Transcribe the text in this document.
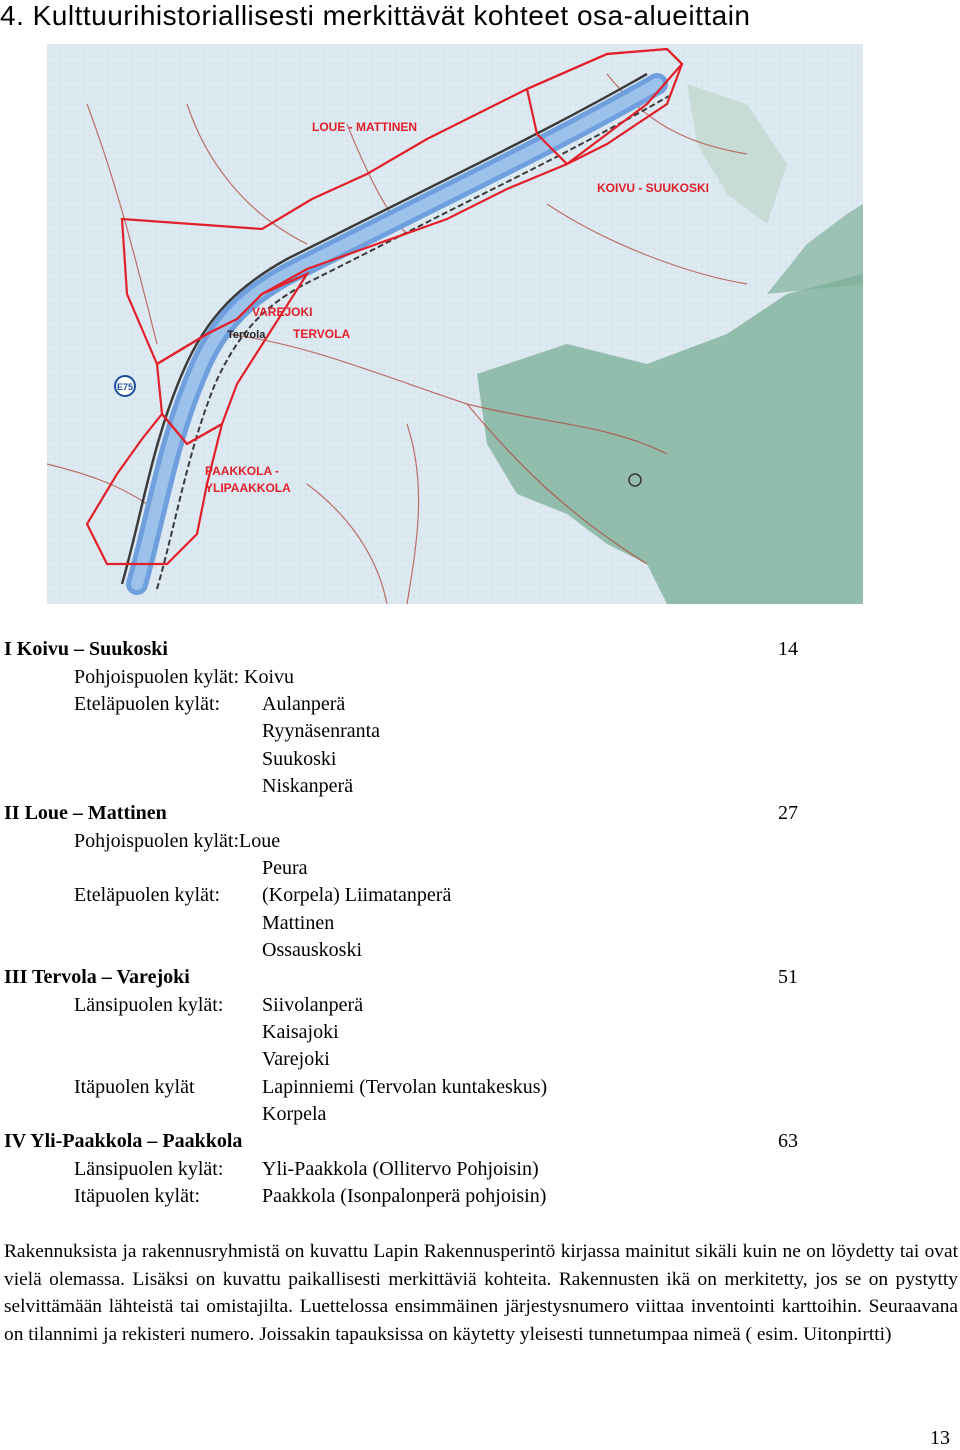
4. Kulttuurihistoriallisesti merkittävät kohteet osa-alueittain
LOUE - MATTINEN
KOIVU - SUUKOSKI
VAREJOKI
TERVOLA
PAAKKOLA -
YLIPAAKKOLA
Tervola
E75
I Koivu – Suukoski	14
Pohjoispuolen kylät: Koivu
Eteläpuolen kylät: Aulanperä
Ryynäsenranta
Suukoski
Niskanperä
II Loue – Mattinen	27
Pohjoispuolen kylät:Loue
Peura
Eteläpuolen kylät: (Korpela) Liimatanperä
Mattinen
Ossauskoski
III Tervola – Varejoki	51
Länsipuolen kylät: Siivolanperä
Kaisajoki
Varejoki
Itäpuolen kylät	Lapinniemi (Tervolan kuntakeskus)
Korpela
IV Yli-Paakkola – Paakkola	63
Länsipuolen kylät: Yli-Paakkola (Ollitervo Pohjoisin)
Itäpuolen kylät:	Paakkola (Isonpalonperä pohjoisin)

Rakennuksista ja rakennusryhmistä on kuvattu Lapin Rakennusperintö kirjassa mainitut sikäli kuin ne on löydetty tai ovat vielä olemassa. Lisäksi on kuvattu paikallisesti merkittäviä kohteita. Rakennusten ikä on merkitetty, jos se on pystytty selvittämään lähteistä tai omistajilta. Luettelossa ensimmäinen järjestysnumero viittaa inventointi karttoihin. Seuraavana on tilannimi ja rekisteri numero. Joissakin tapauksissa on käytetty yleisesti tunnetumpaa nimeä ( esim. Uitonpirtti)

13
